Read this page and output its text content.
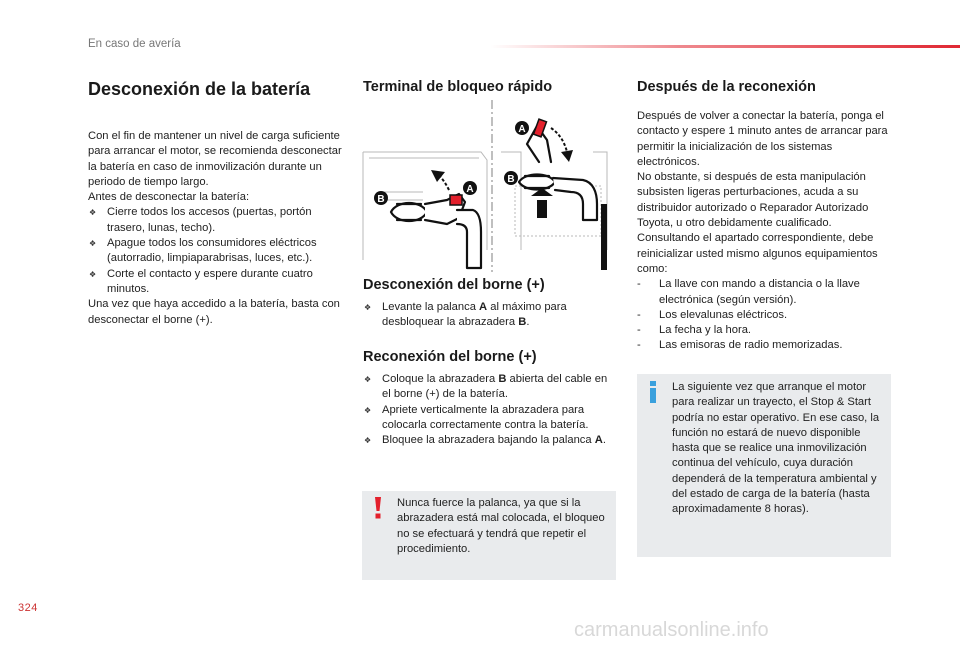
En caso de avería
Desconexión de la batería

Con el fin de mantener un nivel de carga suficiente para arrancar el motor, se recomienda desconectar la batería en caso de inmovilización durante un periodo de tiempo largo.

Antes de desconectar la batería:

❖ Cierre todos los accesos (puertas, portón trasero, lunas, techo).
❖ Apague todos los consumidores eléctricos (autorradio, limpiaparabrisas, luces, etc.).
❖ Corte el contacto y espere durante cuatro minutos.

Una vez que haya accedido a la batería, basta con desconectar el borne (+).

Terminal de bloqueo rápido
B
A
A
B
Desconexión del borne (+)
❖ Levante la palanca A al máximo para desbloquear la abrazadera B.
Reconexión del borne (+)
❖ Coloque la abrazadera B abierta del cable en el borne (+) de la batería.
❖ Apriete verticalmente la abrazadera para colocarla correctamente contra la batería.
❖ Bloquee la abrazadera bajando la palanca A.
Nunca fuerce la palanca, ya que si la abrazadera está mal colocada, el bloqueo no se efectuará y tendrá que repetir el procedimiento.
Después de la reconexión

Después de volver a conectar la batería, ponga el contacto y espere 1 minuto antes de arrancar para permitir la inicialización de los sistemas electrónicos.

No obstante, si después de esta manipulación subsisten ligeras perturbaciones, acuda a su distribuidor autorizado o Reparador Autorizado Toyota, u otro debidamente cualificado.

Consultando el apartado correspondiente, debe reinicializar usted mismo algunos equipamientos como:

- La llave con mando a distancia o la llave electrónica (según versión).
- Los elevalunas eléctricos.
- La fecha y la hora.
- Las emisoras de radio memorizadas.
La siguiente vez que arranque el motor para realizar un trayecto, el Stop & Start podría no estar operativo. En ese caso, la función no estará de nuevo disponible hasta que se realice una inmovilización continua del vehículo, cuya duración dependerá de la temperatura ambiental y del estado de carga de la batería (hasta aproximadamente 8 horas).
324
carmanualsonline.info
